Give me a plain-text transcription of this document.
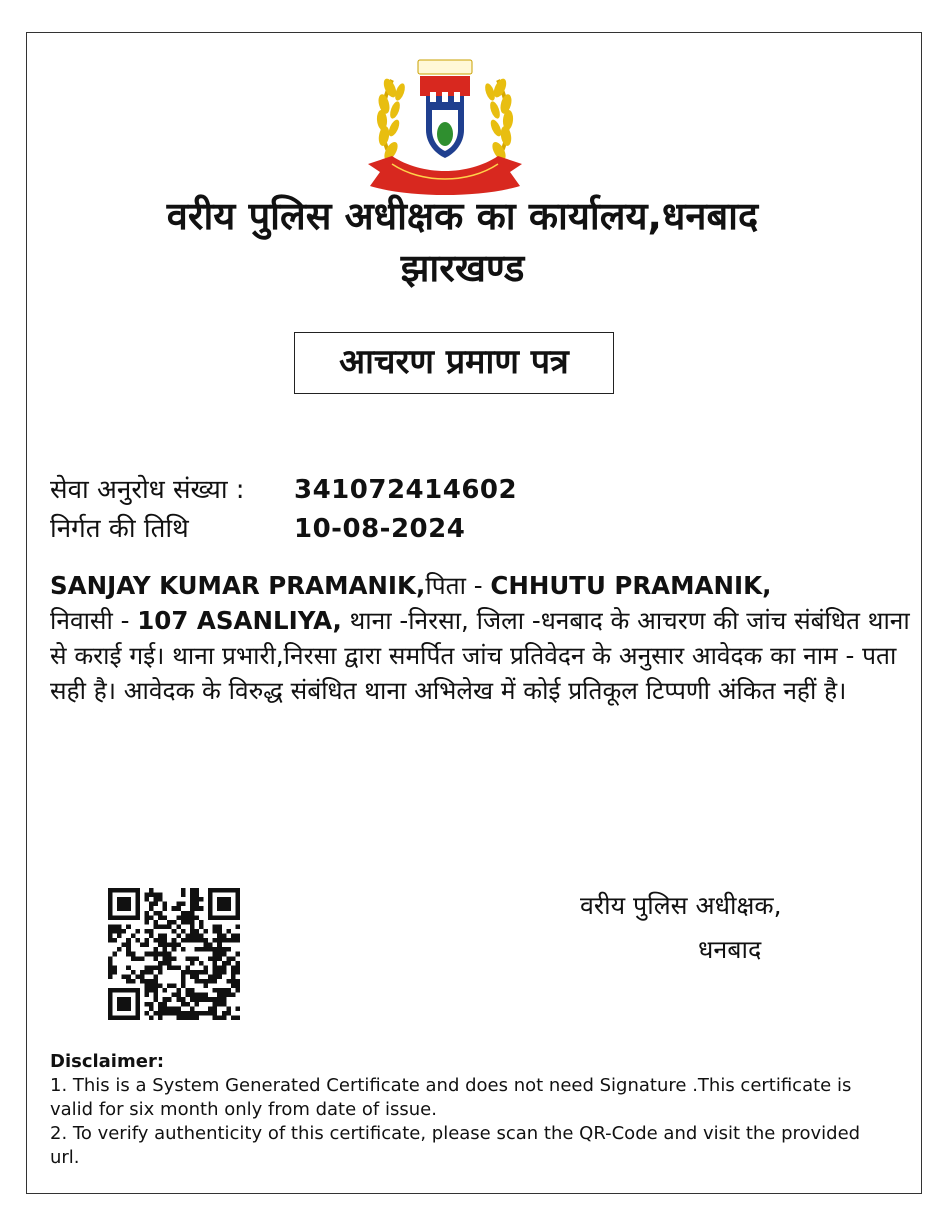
वरीय पुलिस अधीक्षक का कार्यालय,धनबाद
झारखण्ड
आचरण प्रमाण पत्र
सेवा अनुरोध संख्या : 341072414602
निर्गत की तिथि	10-08-2024
SANJAY KUMAR PRAMANIK,पिता - CHHUTU PRAMANIK,
निवासी - 107 ASANLIYA, थाना -निरसा, जिला -धनबाद के आचरण की जांच संबंधित थाना से कराई गई। थाना प्रभारी,निरसा द्वारा समर्पित जांच प्रतिवेदन के अनुसार आवेदक का नाम - पता सही है। आवेदक के विरुद्ध संबंधित थाना अभिलेख में कोई प्रतिकूल टिप्पणी अंकित नहीं है।
वरीय पुलिस अधीक्षक,
धनबाद
Disclaimer:
1. This is a System Generated Certificate and does not need Signature .This certificate is valid for six month only from date of issue.
2. To verify authenticity of this certificate, please scan the QR-Code and visit the provided url.
